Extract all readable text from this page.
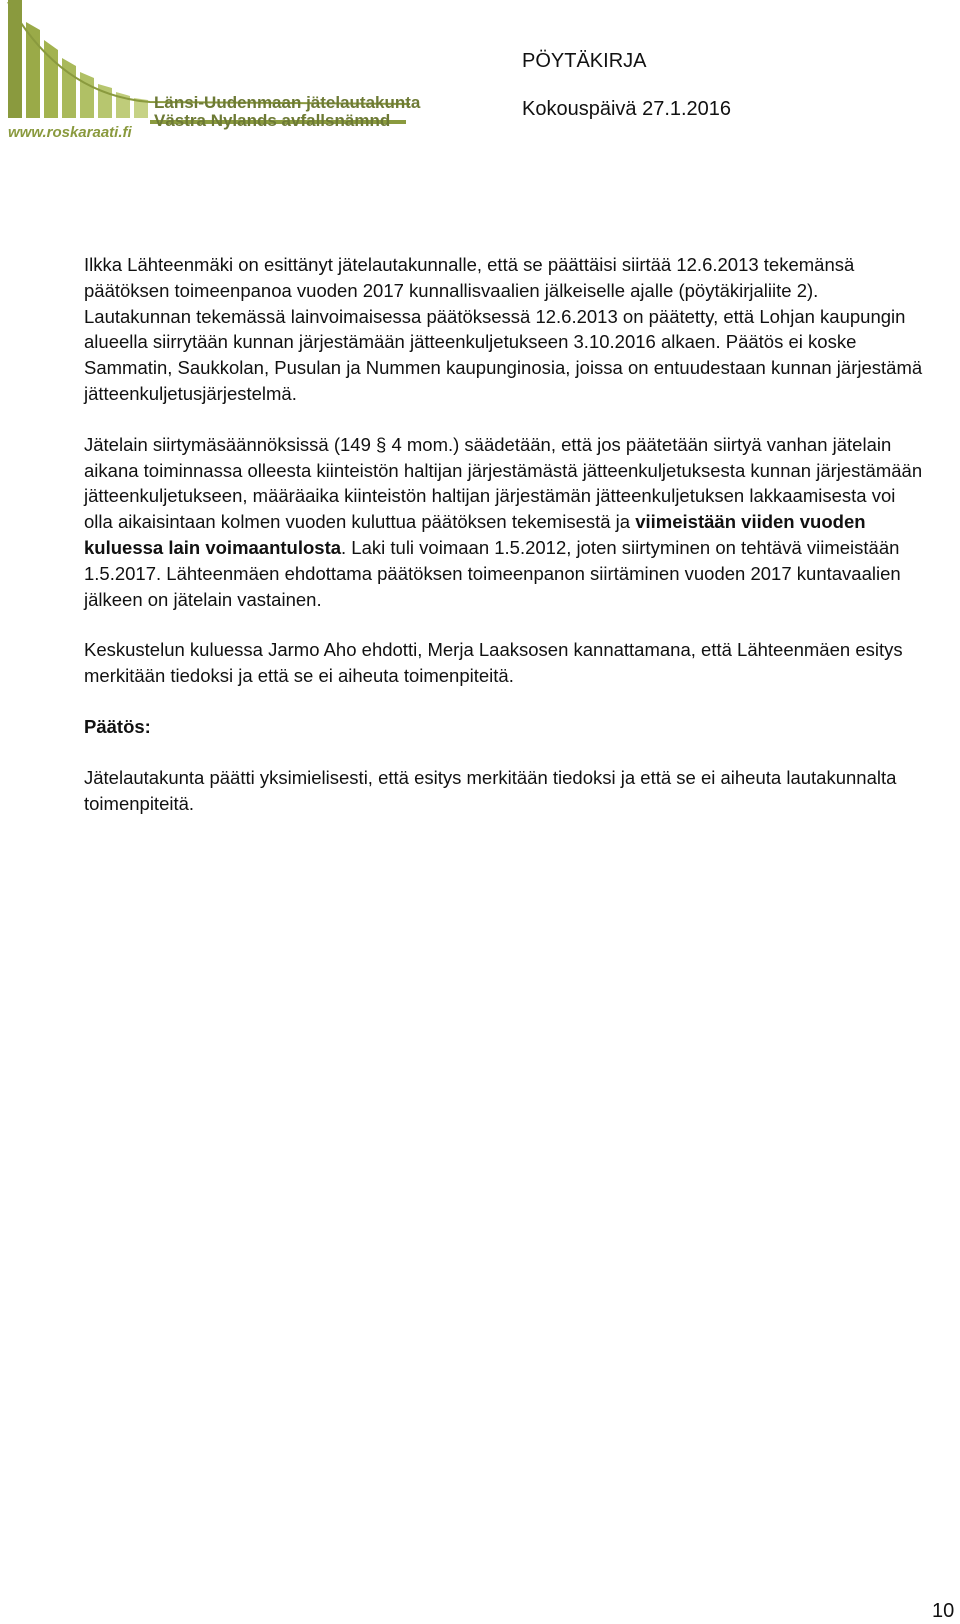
Länsi-Uudenmaan jätelautakunta
Västra Nylands avfallsnämnd
www.roskaraati.fi
PÖYTÄKIRJA
Kokouspäivä 27.1.2016

Ilkka Lähteenmäki on esittänyt jätelautakunnalle, että se päättäisi siirtää 12.6.2013 tekemänsä päätöksen toimeenpanoa vuoden 2017 kunnallisvaalien jälkeiselle ajalle (pöytäkirjaliite 2). Lautakunnan tekemässä lainvoimaisessa päätöksessä 12.6.2013 on päätetty, että Lohjan kaupungin alueella siirrytään kunnan järjestämään jätteenkuljetukseen 3.10.2016 alkaen. Päätös ei koske Sammatin, Saukkolan, Pusulan ja Nummen kaupunginosia, joissa on entuudestaan kunnan järjestämä jätteenkuljetusjärjestelmä.

Jätelain siirtymäsäännöksissä (149 § 4 mom.) säädetään, että jos päätetään siirtyä vanhan jätelain aikana toiminnassa olleesta kiinteistön haltijan järjestämästä jätteenkuljetuksesta kunnan järjestämään jätteenkuljetukseen, määräaika kiinteistön haltijan järjestämän jätteenkuljetuksen lakkaamisesta voi olla aikaisintaan kolmen vuoden kuluttua päätöksen tekemisestä ja viimeistään viiden vuoden kuluessa lain voimaantulosta. Laki tuli voimaan 1.5.2012, joten siirtyminen on tehtävä viimeistään 1.5.2017. Lähteenmäen ehdottama päätöksen toimeenpanon siirtäminen vuoden 2017 kuntavaalien jälkeen on jätelain vastainen.

Keskustelun kuluessa Jarmo Aho ehdotti, Merja Laaksosen kannattamana, että Lähteenmäen esitys merkitään tiedoksi ja että se ei aiheuta toimenpiteitä.

Päätös:

Jätelautakunta päätti yksimielisesti, että esitys merkitään tiedoksi ja että se ei aiheuta lautakunnalta toimenpiteitä.

10
